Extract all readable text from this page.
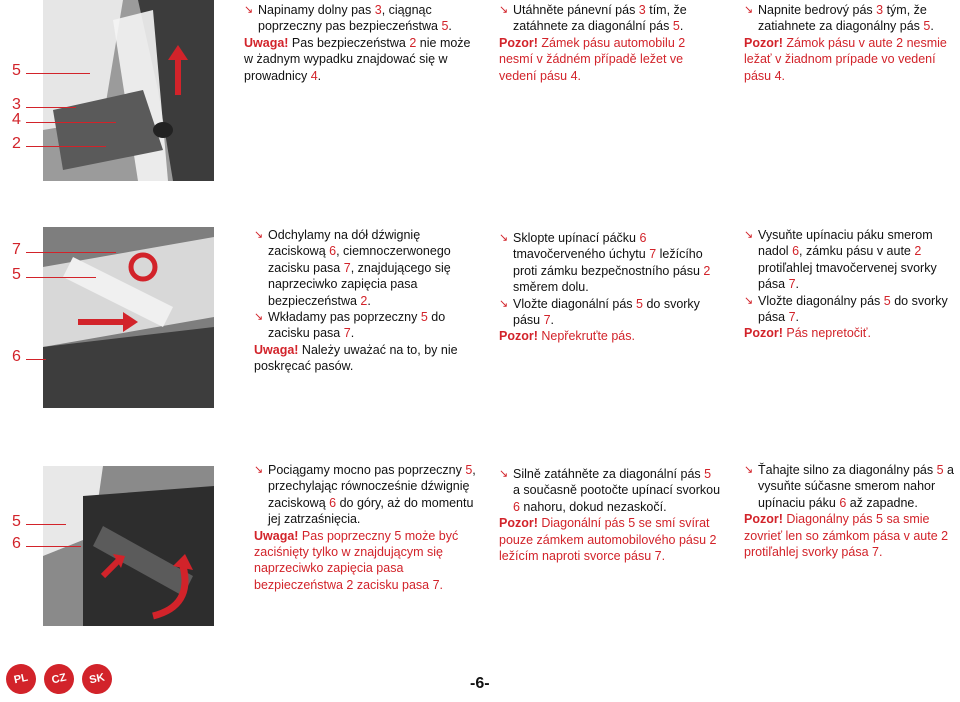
5
3
4
2

↘ Napinamy dolny pas 3, ciągnąc poprzeczny pas bezpieczeństwa 5.

Uwaga! Pas bezpieczeństwa 2 nie może w żadnym wypadku znajdować się w prowadnicy 4.

↘ Utáhněte pánevní pás 3 tím, že zatáhnete za diagonální pás 5.

Pozor! Zámek pásu automobilu 2 nesmí v žádném případě ležet ve vedení pásu 4.

↘ Napnite bedrový pás 3 tým, že zatiahnete za diagonálny pás 5.

Pozor! Zámok pásu v aute 2 nesmie ležať v žiadnom prípade vo vedení pásu 4.

7
5
6

↘ Odchylamy na dół dźwignię zaciskową 6, ciemnoczerwonego zacisku pasa 7, znajdującego się naprzeciwko zapięcia pasa bezpieczeństwa 2.

↘ Wkładamy pas poprzeczny 5 do zacisku pasa 7.

Uwaga! Należy uważać na to, by nie poskręcać pasów.

↘ Sklopte upínací páčku 6 tmavočerveného úchytu 7 ležícího proti zámku bezpečnostního pásu 2 směrem dolu.

↘ Vložte diagonální pás 5 do svorky pásu 7.

Pozor! Nepřekruťte pás.

↘ Vysuňte upínaciu páku smerom nadol 6, zámku pásu v aute 2 protiľahlej tmavočervenej svorky pása 7.

↘ Vložte diagonálny pás 5 do svorky pása 7.

Pozor! Pás nepretočiť.

5
6

↘ Pociągamy mocno pas poprzeczny 5, przechylając równocześnie dźwignię zaciskową 6 do góry, aż do momentu jej zatrzaśnięcia.

Uwaga! Pas poprzeczny 5 może być zaciśnięty tylko w znajdującym się naprzeciwko zapięcia pasa bezpieczeństwa 2 zacisku pasa 7.

↘ Silně zatáhněte za diagonální pás 5 a současně pootočte upínací svorkou 6 nahoru, dokud nezaskočí.

Pozor! Diagonální pás 5 se smí svírat pouze zámkem automobilového pásu 2 ležícím naproti svorce pásu 7.

↘ Ťahajte silno za diagonálny pás 5 a vysuňte súčasne smerom nahor upínaciu páku 6 až zapadne.

Pozor! Diagonálny pás 5 sa smie zovrieť len so zámkom pása v aute 2 protiľahlej svorky pása 7.

PL	CZ	SK	-6-
